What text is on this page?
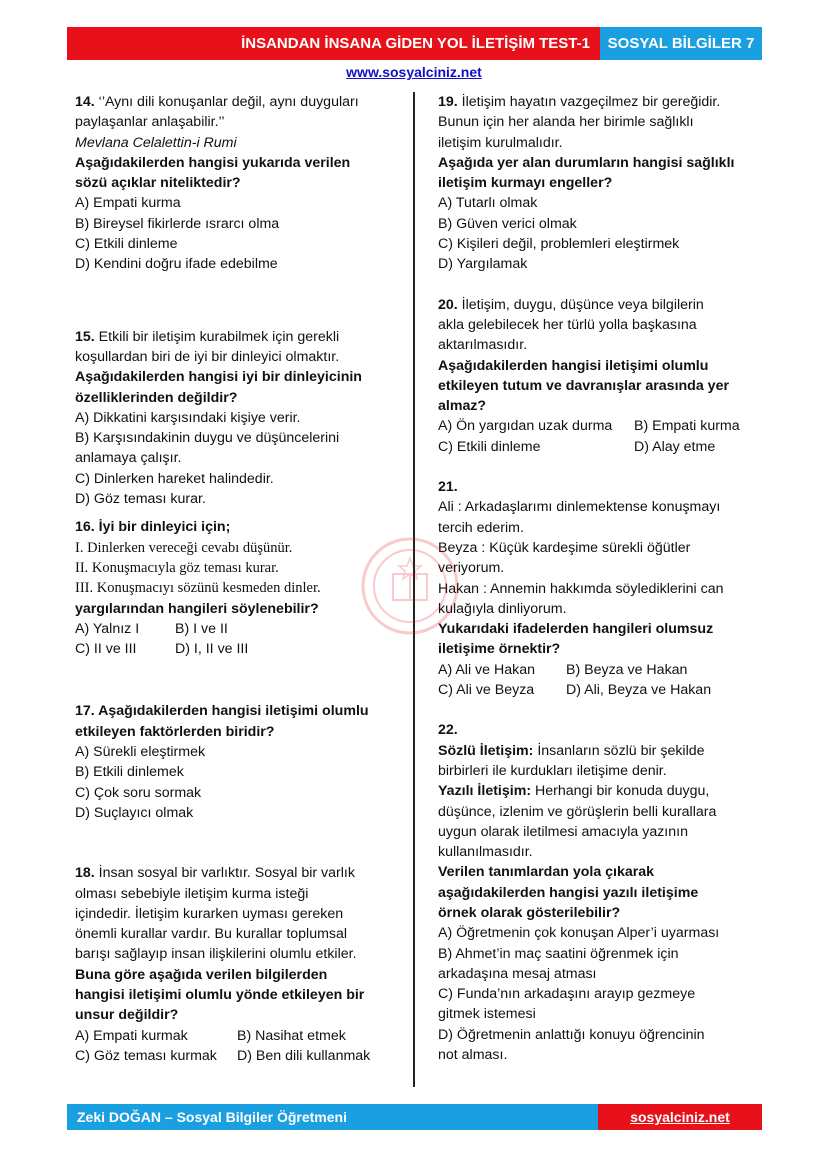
İNSANDAN İNSANA GİDEN YOL İLETİŞİM TEST-1	SOSYAL BİLGİLER 7
www.sosyalciniz.net

14. ‘’Aynı dili konuşanlar değil, aynı duyguları

paylaşanlar anlaşabilir.’’

Mevlana Celalettin-i Rumi

Aşağıdakilerden hangisi yukarıda verilen

sözü açıklar niteliktedir?

A) Empati kurma

B) Bireysel fikirlerde ısrarcı olma

C) Etkili dinleme

D) Kendini doğru ifade edebilme

15. Etkili bir iletişim kurabilmek için gerekli

koşullardan biri de iyi bir dinleyici olmaktır.

Aşağıdakilerden hangisi iyi bir dinleyicinin

özelliklerinden değildir?

A) Dikkatini karşısındaki kişiye verir.

B) Karşısındakinin duygu ve düşüncelerini

anlamaya çalışır.

C) Dinlerken hareket halindedir.

D) Göz teması kurar.

16. İyi bir dinleyici için;

I. Dinlerken vereceği cevabı düşünür.

II. Konuşmacıyla göz teması kurar.

III. Konuşmacıyı sözünü kesmeden dinler.

yargılarından hangileri söylenebilir?

A) Yalnız I	B) I ve II
C) II ve III	D) I, II ve III

17. Aşağıdakilerden hangisi iletişimi olumlu

etkileyen faktörlerden biridir?

A) Sürekli eleştirmek

B) Etkili dinlemek

C) Çok soru sormak

D) Suçlayıcı olmak

18. İnsan sosyal bir varlıktır. Sosyal bir varlık

olması sebebiyle iletişim kurma isteği

içindedir. İletişim kurarken uyması gereken

önemli kurallar vardır. Bu kurallar toplumsal

barışı sağlayıp insan ilişkilerini olumlu etkiler.

Buna göre aşağıda verilen bilgilerden

hangisi iletişimi olumlu yönde etkileyen bir

unsur değildir?

A) Empati kurmak	B) Nasihat etmek
C) Göz teması kurmak	D) Ben dili kullanmak

19. İletişim hayatın vazgeçilmez bir gereğidir.

Bunun için her alanda her birimle sağlıklı

iletişim kurulmalıdır.

Aşağıda yer alan durumların hangisi sağlıklı

iletişim kurmayı engeller?

A) Tutarlı olmak

B) Güven verici olmak

C) Kişileri değil, problemleri eleştirmek

D) Yargılamak

20. İletişim, duygu, düşünce veya bilgilerin

akla gelebilecek her türlü yolla başkasına

aktarılmasıdır.

Aşağıdakilerden hangisi iletişimi olumlu

etkileyen tutum ve davranışlar arasında yer

almaz?

A) Ön yargıdan uzak durma	B) Empati kurma
C) Etkili dinleme	D) Alay etme

21.

Ali : Arkadaşlarımı dinlemektense konuşmayı

tercih ederim.

Beyza : Küçük kardeşime sürekli öğütler

veriyorum.

Hakan : Annemin hakkımda söylediklerini can

kulağıyla dinliyorum.

Yukarıdaki ifadelerden hangileri olumsuz

iletişime örnektir?

A) Ali ve Hakan	B) Beyza ve Hakan
C) Ali ve Beyza	D) Ali, Beyza ve Hakan

22.

Sözlü İletişim: İnsanların sözlü bir şekilde

birbirleri ile kurdukları iletişime denir.

Yazılı İletişim: Herhangi bir konuda duygu,

düşünce, izlenim ve görüşlerin belli kurallara

uygun olarak iletilmesi amacıyla yazının

kullanılmasıdır.

Verilen tanımlardan yola çıkarak

aşağıdakilerden hangisi yazılı iletişime

örnek olarak gösterilebilir?

A) Öğretmenin çok konuşan Alper’i uyarması

B) Ahmet’in maç saatini öğrenmek için

arkadaşına mesaj atması

C) Funda’nın arkadaşını arayıp gezmeye

gitmek istemesi

D) Öğretmenin anlattığı konuyu öğrencinin

not alması.

Zeki DOĞAN – Sosyal Bilgiler Öğretmeni	sosyalciniz.net
